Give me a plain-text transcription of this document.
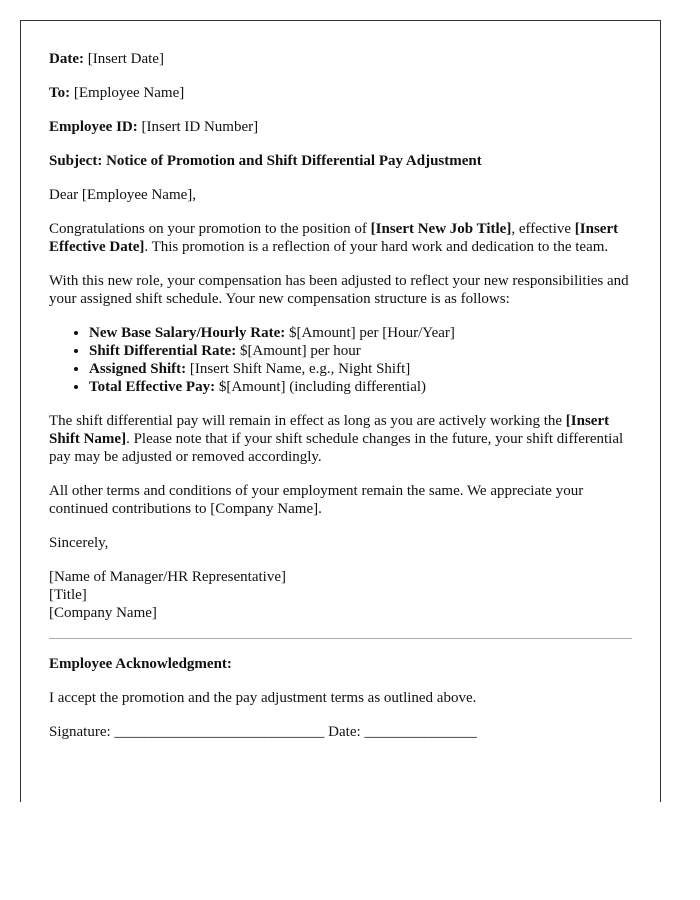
Date: [Insert Date]

To: [Employee Name]

Employee ID: [Insert ID Number]

Subject: Notice of Promotion and Shift Differential Pay Adjustment

Dear [Employee Name],

Congratulations on your promotion to the position of [Insert New Job Title], effective [Insert Effective Date]. This promotion is a reflection of your hard work and dedication to the team.

With this new role, your compensation has been adjusted to reflect your new responsibilities and your assigned shift schedule. Your new compensation structure is as follows:

• New Base Salary/Hourly Rate: $[Amount] per [Hour/Year]
• Shift Differential Rate: $[Amount] per hour
• Assigned Shift: [Insert Shift Name, e.g., Night Shift]
• Total Effective Pay: $[Amount] (including differential)

The shift differential pay will remain in effect as long as you are actively working the [Insert Shift Name]. Please note that if your shift schedule changes in the future, your shift differential pay may be adjusted or removed accordingly.

All other terms and conditions of your employment remain the same. We appreciate your continued contributions to [Company Name].

Sincerely,

[Name of Manager/HR Representative]
[Title]
[Company Name]

Employee Acknowledgment:

I accept the promotion and the pay adjustment terms as outlined above.

Signature: ____________________________ Date: _______________
